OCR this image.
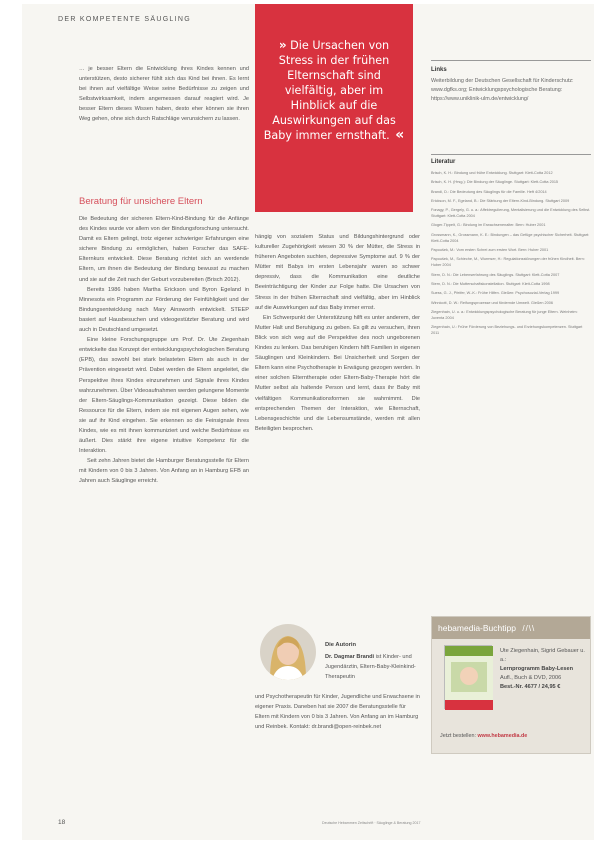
DER KOMPETENTE SÄUGLING

… je besser Eltern die Entwicklung ihres Kindes kennen und unterstützen, desto sicherer fühlt sich das Kind bei ihnen. Es lernt bei ihnen auf vielfältige Weise seine Bedürfnisse zu zeigen und Selbstwirksamkeit, indem angemessen darauf reagiert wird. Je besser Eltern dieses Wissen haben, desto eher können sie ihren Weg gehen, ohne sich durch Ratschläge verunsichern zu lassen.

Beratung für unsichere Eltern

Die Bedeutung der sicheren Eltern-Kind-Bindung für die Anfänge des Kindes wurde vor allem von der Bindungsforschung untersucht. Damit es Eltern gelingt, trotz eigener schwieriger Erfahrungen eine sichere Bindung zu ermöglichen, haben Forscher das SAFE-Elternkurs entwickelt. Diese Beratung richtet sich an werdende Eltern, um ihnen die Bedeutung der Bindung bewusst zu machen und sie auf die Zeit nach der Geburt vorzubereiten (Brisch 2012).

Bereits 1986 haben Martha Erickson und Byron Egeland in Minnesota ein Programm zur Förderung der Feinfühligkeit und der Bindungsentwicklung nach Mary Ainsworth entwickelt. STEEP basiert auf Hausbesuchen und videogestützter Beratung und wird auch in Deutschland umgesetzt.

Eine kleine Forschungsgruppe um Prof. Dr. Ute Ziegenhain entwickelte das Konzept der entwicklungspsychologischen Beratung (EPB), das sowohl bei stark belasteten Eltern als auch in der Prävention eingesetzt wird. Dabei werden die Eltern angeleitet, die Perspektive ihres Kindes einzunehmen und Signale ihres Kindes wahrzunehmen. Über Videoaufnahmen werden gelungene Momente der Eltern-Säuglings-Kommunikation gezeigt. Diese bilden die Ressource für die Eltern, indem sie mit eigenen Augen sehen, wie sie auf ihr Kind eingehen. Sie erkennen so die Feinsignale ihres Kindes, wie es mit ihnen kommuniziert und welche Bedürfnisse es äußert. Dies stärkt ihre eigene intuitive Kompetenz für die Interaktion.

Seit zehn Jahren bietet die Hamburger Beratungsstelle für Eltern mit Kindern von 0 bis 3 Jahren. Von Anfang an in Hamburg EFB an Jahren auch Säuglinge erreicht.

» Die Ursachen von Stress in der frühen Elternschaft sind vielfältig, aber im Hinblick auf die Auswirkungen auf das Baby immer ernsthaft. «

hängig von sozialem Status und Bildungshintergrund oder kultureller Zugehörigkeit wiesen 30 % der Mütter, die Stress in früheren Angeboten suchten, depressive Symptome auf. 9 % der Mütter mit Babys im ersten Lebensjahr waren so schwer depressiv, dass die Kommunikation eine deutliche Beeinträchtigung der Kinder zur Folge hatte. Die Ursachen von Stress in der frühen Elternschaft sind vielfältig, aber im Hinblick auf die Auswirkungen auf das Baby immer ernst.

Ein Schwerpunkt der Unterstützung hilft es unter anderem, der Mutter Halt und Beruhigung zu geben. Es gilt zu versuchen, ihren Blick von sich weg auf die Perspektive des noch ungeborenen Kindes zu lenken. Das beruhigen Kindern hilft Familien in eigenen Säuglingen und Kleinkindern. Bei Unsicherheit und Sorgen der Eltern kann eine Psychotherapie in Erwägung gezogen werden. In einer solchen Elterntherapie oder Eltern-Baby-Therapie hört die Mutter selbst als haltende Person und lernt, dass ihr Baby mit vielfältigen Kommunikationsformen sie wahrnimmt. Die entsprechenden Themen der Interaktion, wie Elternschaft, Lebensgeschichte und die Lebensumstände, werden mit allen Beteiligten besprochen.

Die Autorin
Dr. Dagmar Brandi ist Kinder- und Jugendärztin, Eltern-Baby-Kleinkind-Therapeutin
und Psychotherapeutin für Kinder, Jugendliche und Erwachsene in eigener Praxis. Daneben hat sie 2007 die Beratungsstelle für Eltern mit Kindern von 0 bis 3 Jahren. Von Anfang an im Hamburg und Reinbek. Kontakt: dr.brandi@open-reinbek.net
Links
Weiterbildung der Deutschen Gesellschaft für Kinderschutz: www.dgfks.org; Entwicklungspsychologische Beratung: https://www.uniklinik-ulm.de/entwicklung/
Literatur
Brisch, K. H.: Bindung und frühe Entwicklung. Stuttgart: Klett-Cotta 2012
Brisch, K. H. (Hrsg.): Die Bindung der Säuglinge. Stuttgart: Klett-Cotta 2015
Brandi, D.: Die Bedeutung des Säuglings für die Familie. Heft 4/2014
Erickson, M. F., Egeland, B.: Die Stärkung der Eltern-Kind-Bindung. Stuttgart 2009
Fonagy, P., Gergely, G. u. a.: Affektregulierung, Mentalisierung und die Entwicklung des Selbst. Stuttgart: Klett-Cotta 2004
Gloger-Tippelt, G.: Bindung im Erwachsenenalter. Bern: Huber 2001
Grossmann, K., Grossmann, K. E.: Bindungen – das Gefüge psychischer Sicherheit. Stuttgart: Klett-Cotta 2004
Papoušek, M.: Vom ersten Schrei zum ersten Wort. Bern: Huber 2001
Papoušek, M., Schieche, M., Wurmser, H.: Regulationsstörungen der frühen Kindheit. Bern: Huber 2004
Stern, D. N.: Die Lebenserfahrung des Säuglings. Stuttgart: Klett-Cotta 2007
Stern, D. N.: Die Mutterschaftskonstellation. Stuttgart: Klett-Cotta 1998
Suess, G. J., Pfeifer, W.-K.: Frühe Hilfen. Gießen: Psychosozial-Verlag 1999
Winnicott, D. W.: Reifungsprozesse und fördernde Umwelt. Gießen 2006
Ziegenhain, U. u. a.: Entwicklungspsychologische Beratung für junge Eltern. Weinheim: Juventa 2004
Ziegenhain, U.: Frühe Förderung von Beziehungs- und Erziehungskompetenzen. Stuttgart 2011
hebamedia-Buchtipp //\\
Ute Ziegenhain, Sigrid Gebauer u. a.:
Lernprogramm Baby-Lesen
Aufl., Buch & DVD, 2006
Best.-Nr. 4677 / 24,95 €
Jetzt bestellen: www.hebamedia.de
18	Deutsche Hebammen Zeitschrift · Säuglinge & Beratung 2017
